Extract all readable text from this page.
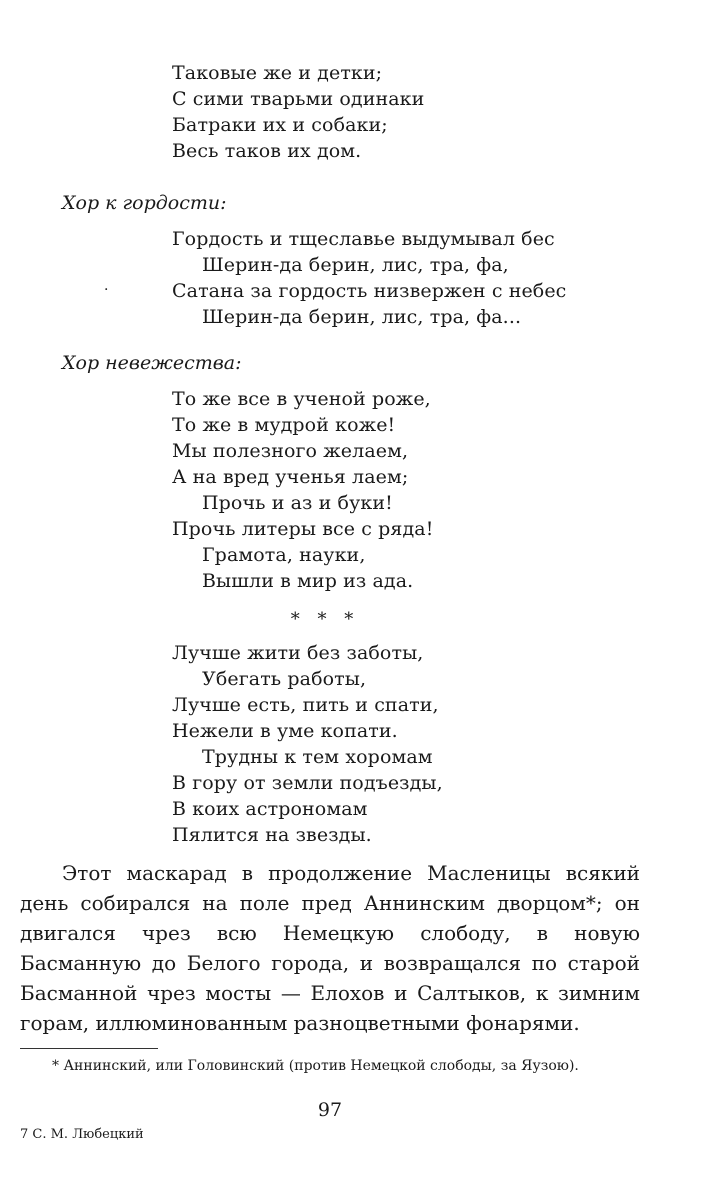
Таковые же и детки;
С сими тварьми одинаки
Батраки их и собаки;
Весь таков их дом.
Хор к гордости:
Гордость и тщеславье выдумывал бес
Шерин-да берин, лис, тра, фа,
Сатана за гордость низвержен с небес
Шерин-да берин, лис, тра, фа...
·
Хор невежества:
То же все в ученой роже,
То же в мудрой коже!
Мы полезного желаем,
А на вред ученья лаем;
Прочь и аз и буки!
Прочь литеры все с ряда!
Грамота, науки,
Вышли в мир из ада.
* * *
Лучше жити без заботы,
Убегать работы,
Лучше есть, пить и спати,
Нежели в уме копати.
Трудны к тем хоромам
В гору от земли подъезды,
В коих астрономам
Пялится на звезды.

Этот маскарад в продолжение Масленицы всякий день собирался на поле пред Аннинским дворцом*; он двигался чрез всю Немецкую слободу, в новую Басманную до Белого города, и возвращался по старой Басманной чрез мосты — Елохов и Салтыков, к зимним горам, иллюминованным разноцветными фонарями.

* Аннинский, или Головинский (против Немецкой слободы, за Яузою).
97
7 С. М. Любецкий
